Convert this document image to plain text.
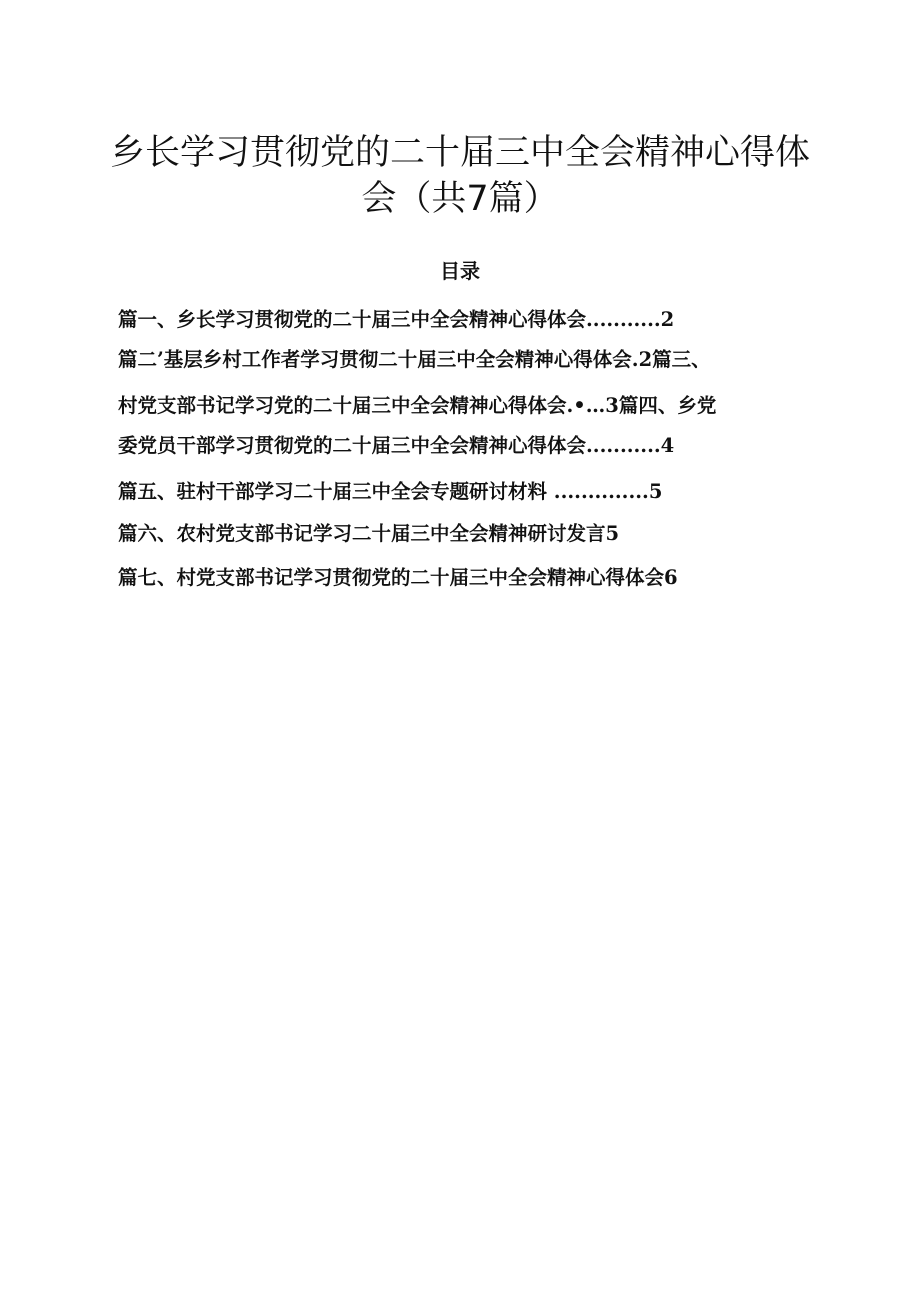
乡长学习贯彻党的二十届三中全会精神心得体
会（共7篇）
目录
篇一、乡长学习贯彻党的二十届三中全会精神心得体会...........2
篇二’基层乡村工作者学习贯彻二十届三中全会精神心得体会.2篇三、
村党支部书记学习党的二十届三中全会精神心得体会.•…3篇四、乡党
委党员干部学习贯彻党的二十届三中全会精神心得体会...........4
篇五、驻村干部学习二十届三中全会专题研讨材料 ..............5
篇六、农村党支部书记学习二十届三中全会精神研讨发言5
篇七、村党支部书记学习贯彻党的二十届三中全会精神心得体会6
